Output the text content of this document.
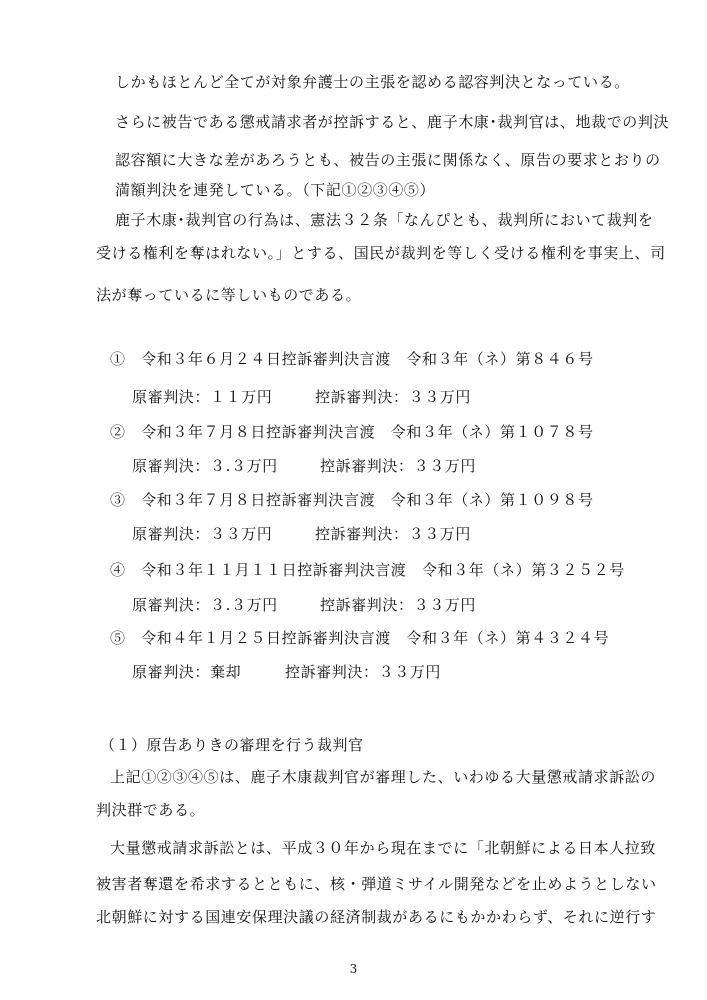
しかもほとんど全てが対象弁護士の主張を認める認容判決となっている。
さらに被告である懲戒請求者が控訴すると、鹿子木康･裁判官は、地裁での判決
認容額に大きな差があろうとも、被告の主張に関係なく、原告の要求とおりの
満額判決を連発している。（下記①②③④⑤）
鹿子木康･裁判官の行為は、憲法３２条「なんぴとも、裁判所において裁判を
受ける権利を奪はれない。」とする、国民が裁判を等しく受ける権利を事実上、司
法が奪っているに等しいものである。
①　令和３年６月２４日控訴審判決言渡　令和３年（ネ）第８４６号
原審判決：１１万円	控訴審判決：３３万円
②　令和３年７月８日控訴審判決言渡　令和３年（ネ）第１０７８号
原審判決：３.３万円	控訴審判決：３３万円
③　令和３年７月８日控訴審判決言渡　令和３年（ネ）第１０９８号
原審判決：３３万円	控訴審判決：３３万円
④　令和３年１１月１１日控訴審判決言渡　令和３年（ネ）第３２５２号
原審判決：３.３万円	控訴審判決：３３万円
⑤　令和４年１月２５日控訴審判決言渡　令和３年（ネ）第４３２４号
原審判決：棄却	控訴審判決：３３万円
（１）原告ありきの審理を行う裁判官
上記①②③④⑤は、鹿子木康裁判官が審理した、いわゆる大量懲戒請求訴訟の
判決群である。
大量懲戒請求訴訟とは、平成３０年から現在までに「北朝鮮による日本人拉致
被害者奪還を希求するとともに、核・弾道ミサイル開発などを止めようとしない
北朝鮮に対する国連安保理決議の経済制裁があるにもかかわらず、それに逆行す
3
